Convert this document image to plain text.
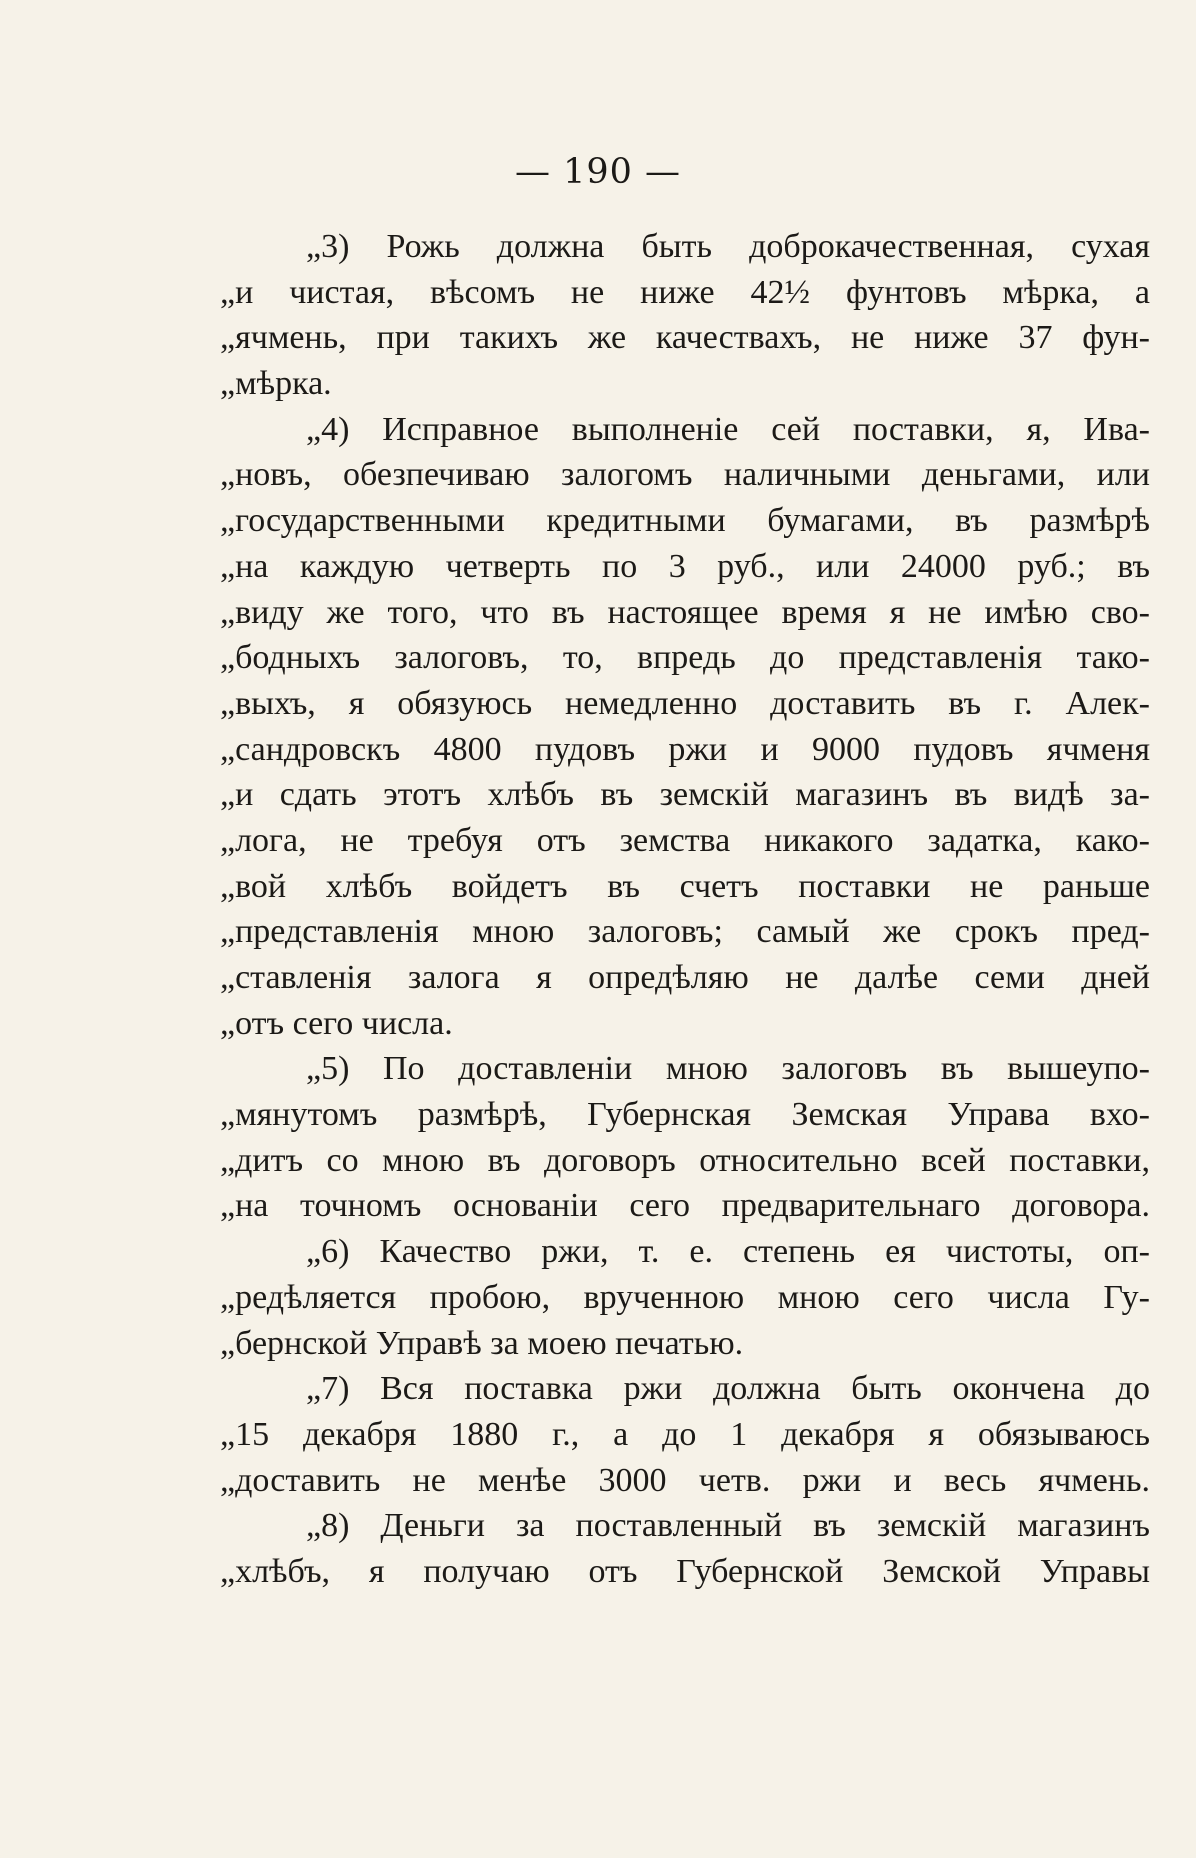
— 190 —
„3) Рожь должна быть доброкачественная, сухая
„и чистая, вѣсомъ не ниже 42½ фунтовъ мѣрка, а
„ячмень, при такихъ же качествахъ, не ниже 37 фун-
„мѣрка.
„4) Исправное выполненіе сей поставки, я, Ива-
„новъ, обезпечиваю залогомъ наличными деньгами, или
„государственными кредитными бумагами, въ размѣрѣ
„на каждую четверть по 3 руб., или 24000 руб.; въ
„виду же того, что въ настоящее время я не имѣю сво-
„бодныхъ залоговъ, то, впредь до представленія тако-
„выхъ, я обязуюсь немедленно доставить въ г. Алек-
„сандровскъ 4800 пудовъ ржи и 9000 пудовъ ячменя
„и сдать этотъ хлѣбъ въ земскій магазинъ въ видѣ за-
„лога, не требуя отъ земства никакого задатка, како-
„вой хлѣбъ войдетъ въ счетъ поставки не раньше
„представленія мною залоговъ; самый же срокъ пред-
„ставленія залога я опредѣляю не далѣе семи дней
„отъ сего числа.
„5) По доставленіи мною залоговъ въ вышеупо-
„мянутомъ размѣрѣ, Губернская Земская Управа вхо-
„дитъ со мною въ договоръ относительно всей поставки,
„на точномъ основаніи сего предварительнаго договора.
„6) Качество ржи, т. е. степень ея чистоты, оп-
„редѣляется пробою, врученною мною сего числа Гу-
„бернской Управѣ за моею печатью.
„7) Вся поставка ржи должна быть окончена до
„15 декабря 1880 г., а до 1 декабря я обязываюсь
„доставить не менѣе 3000 четв. ржи и весь ячмень.
„8) Деньги за поставленный въ земскій магазинъ
„хлѣбъ, я получаю отъ Губернской Земской Управы
